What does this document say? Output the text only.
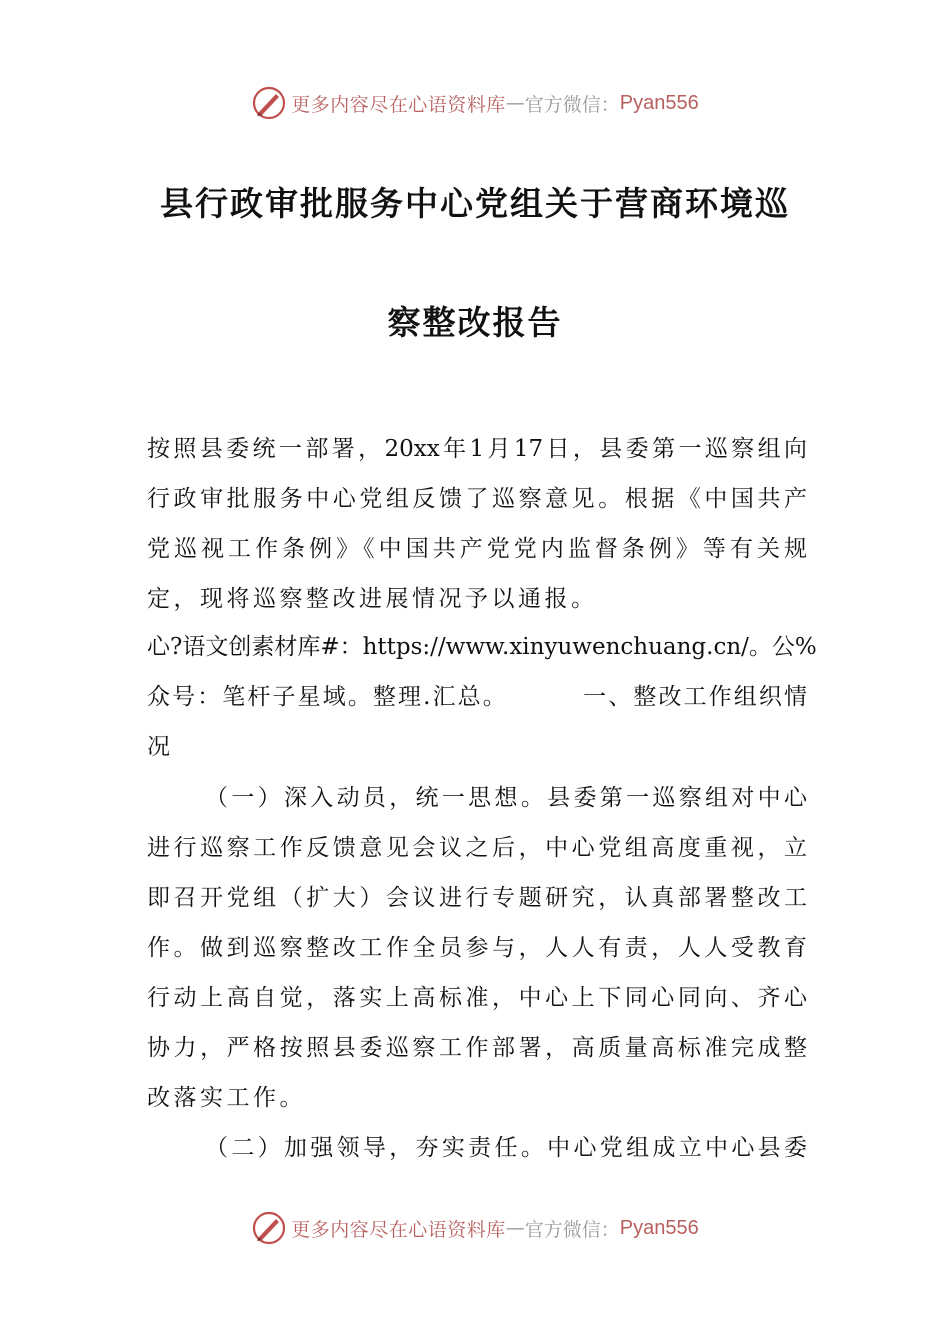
更多内容尽在心语资料库 — 官方微信： Pyan556
县行政审批服务中心党组关于营商环境巡
察整改报告

按照县委统一部署，20xx年1月17日，县委第一巡察组向

行政审批服务中心党组反馈了巡察意见。根据《中国共产

党巡视工作条例》《中国共产党党内监督条例》等有关规

定，现将巡察整改进展情况予以通报。

心?语文创素材库#：https://www.xinyuwenchuang.cn/。公%

众号：笔杆子星域。整理.汇总。        一、整改工作组织情

况

（一）深入动员，统一思想。县委第一巡察组对中心

进行巡察工作反馈意见会议之后，中心党组高度重视，立

即召开党组（扩大）会议进行专题研究，认真部署整改工

作。做到巡察整改工作全员参与，人人有责，人人受教育

行动上高自觉，落实上高标准，中心上下同心同向、齐心

协力，严格按照县委巡察工作部署，高质量高标准完成整

改落实工作。

（二）加强领导，夯实责任。中心党组成立中心县委

更多内容尽在心语资料库 — 官方微信： Pyan556
